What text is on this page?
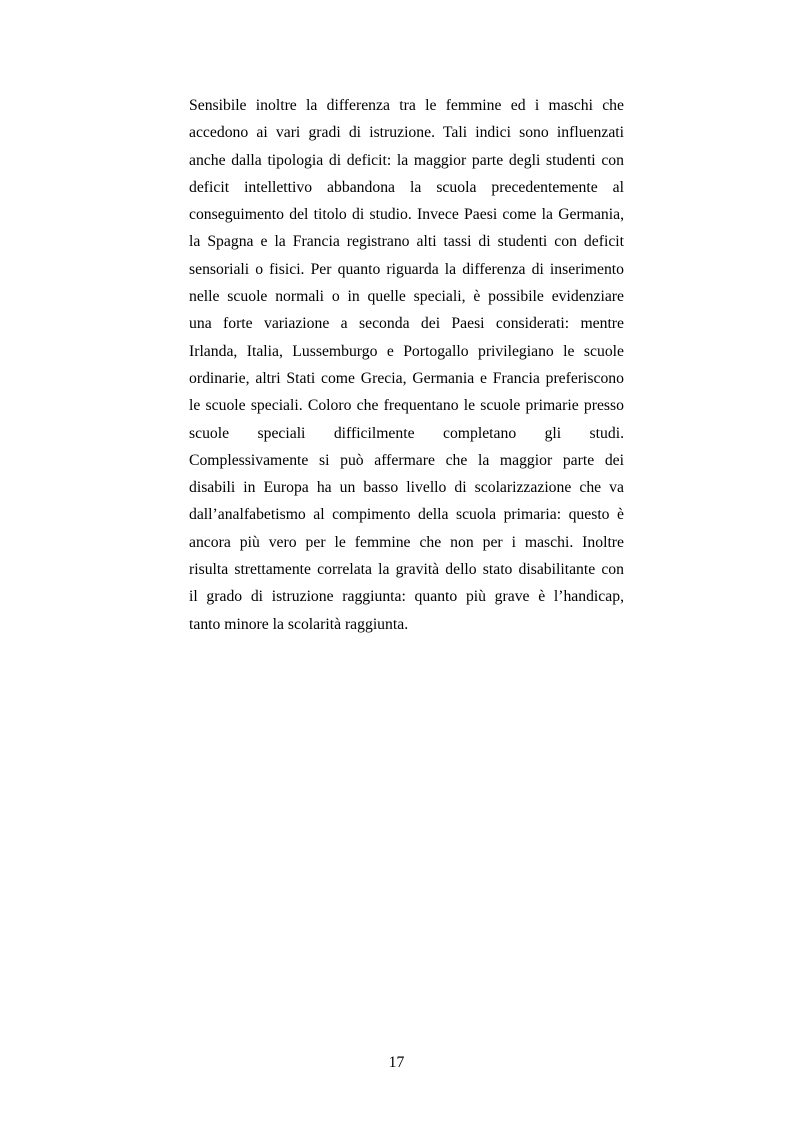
Sensibile inoltre la differenza tra le femmine ed i maschi che
accedono ai vari gradi di istruzione. Tali indici sono influenzati
anche dalla tipologia di deficit: la maggior parte degli studenti con
deficit intellettivo abbandona la scuola precedentemente al
conseguimento del titolo di studio. Invece Paesi come la Germania,
la Spagna e la Francia registrano alti tassi di studenti con deficit
sensoriali o fisici. Per quanto riguarda la differenza di inserimento
nelle scuole normali o in quelle speciali, è possibile evidenziare
una forte variazione a seconda dei Paesi considerati: mentre
Irlanda, Italia, Lussemburgo e Portogallo privilegiano le scuole
ordinarie, altri Stati come Grecia, Germania e Francia preferiscono
le scuole speciali. Coloro che frequentano le scuole primarie presso
scuole speciali difficilmente completano gli studi.
Complessivamente si può affermare che la maggior parte dei
disabili in Europa ha un basso livello di scolarizzazione che va
dall’analfabetismo al compimento della scuola primaria: questo è
ancora più vero per le femmine che non per i maschi. Inoltre
risulta strettamente correlata la gravità dello stato disabilitante con
il grado di istruzione raggiunta: quanto più grave è l’handicap,
tanto minore la scolarità raggiunta.
17
